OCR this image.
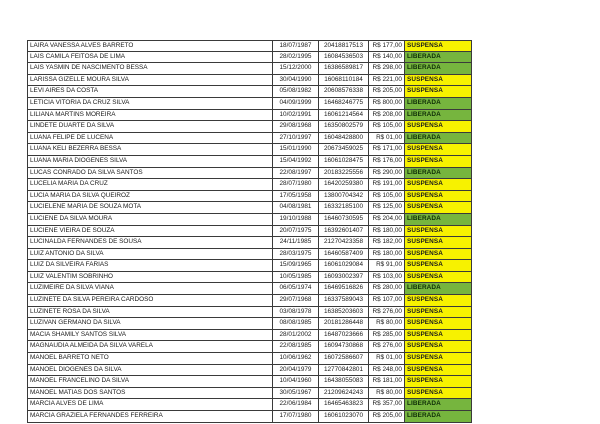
LAIRA VANESSA ALVES BARRETO	18/07/1987	20418817513	R$ 177,00 SUSPENSA
LAIS CAMILA FEITOSA DE LIMA	28/02/1995	16084536503	R$ 140,00 LIBERADA
LAIS YASMIN DE NASCIMENTO BESSA	15/12/2000	16386589817	R$ 298,00 LIBERADA
LARISSA GIZELLE MOURA SILVA	30/04/1990	16068110184	R$ 221,00 SUSPENSA
LEVI AIRES DA COSTA	05/08/1982	20608576338	R$ 205,00 SUSPENSA
LETICIA VITORIA DA CRUZ SILVA	04/09/1999	16468246775	R$ 800,00 LIBERADA
LILIANA MARTINS MOREIRA	10/02/1991	16061214564	R$ 208,00 LIBERADA
LINDETE DUARTE DA SILVA	29/08/1968	16350802579	R$ 105,00 SUSPENSA
LUANA FELIPE DE LUCENA	27/10/1997	16048428800	R$ 01,00 LIBERADA
LUANA KELI BEZERRA BESSA	15/01/1990	20673459025	R$ 171,00 SUSPENSA
LUANA MARIA DIOGENES SILVA	15/04/1992	16061028475	R$ 176,00 SUSPENSA
LUCAS CONRADO DA SILVA SANTOS	22/08/1997	20183225556	R$ 290,00 LIBERADA
LUCELIA MARIA DA CRUZ	28/07/1980	16420259380	R$ 191,00 SUSPENSA
LUCIA MARIA DA SILVA QUEIROZ	17/05/1958	13800704342	R$ 105,00 SUSPENSA
LUCIELENE MARIA DE SOUZA MOTA	04/08/1981	16332185100	R$ 125,00 SUSPENSA
LUCIENE DA SILVA MOURA	19/10/1988	16460730595	R$ 204,00 LIBERADA
LUCIENE VIEIRA DE SOUZA	20/07/1975	16392601407	R$ 180,00 SUSPENSA
LUCINALDA FERNANDES DE SOUSA	24/11/1985	21270423358	R$ 182,00 SUSPENSA
LUIZ ANTONIO DA SILVA	28/03/1975	16460587409	R$ 180,00 SUSPENSA
LUIZ DA SILVEIRA FARIAS	15/09/1965	16061029084	R$ 91,00 SUSPENSA
LUIZ VALENTIM SOBRINHO	10/05/1985	16093002397	R$ 103,00 SUSPENSA
LUZIMEIRE DA SILVA VIANA	06/05/1974	16469516826	R$ 280,00 LIBERADA
LUZINETE DA SILVA PEREIRA CARDOSO	29/07/1968	16337589043	R$ 107,00 SUSPENSA
LUZINETE ROSA DA SILVA	03/08/1978	16385203603	R$ 276,00 SUSPENSA
LUZIVAN GERMANO DA SILVA	08/08/1985	20181286448	R$ 80,00 SUSPENSA
MACIA SHAMILY SANTOS SILVA	28/01/2002	16487023666	R$ 285,00 SUSPENSA
MAGNAUDIA ALMEIDA DA SILVA VARELA	22/08/1985	16094730868	R$ 276,00 SUSPENSA
MANOEL BARRETO NETO	10/06/1962	16072586607	R$ 01,00 SUSPENSA
MANOEL DIOGENES DA SILVA	20/04/1979	12770842801	R$ 248,00 SUSPENSA
MANOEL FRANCELINO DA SILVA	10/04/1960	16438055083	R$ 181,00 SUSPENSA
MANOEL MATIAS DOS SANTOS	30/05/1967	21209624243	R$ 80,00 SUSPENSA
MARCIA ALVES DE LIMA	22/06/1984	16465463823	R$ 357,00 LIBERADA
MARCIA GRAZIELA FERNANDES FERREIRA	17/07/1980	16061023070	R$ 205,00 LIBERADA
